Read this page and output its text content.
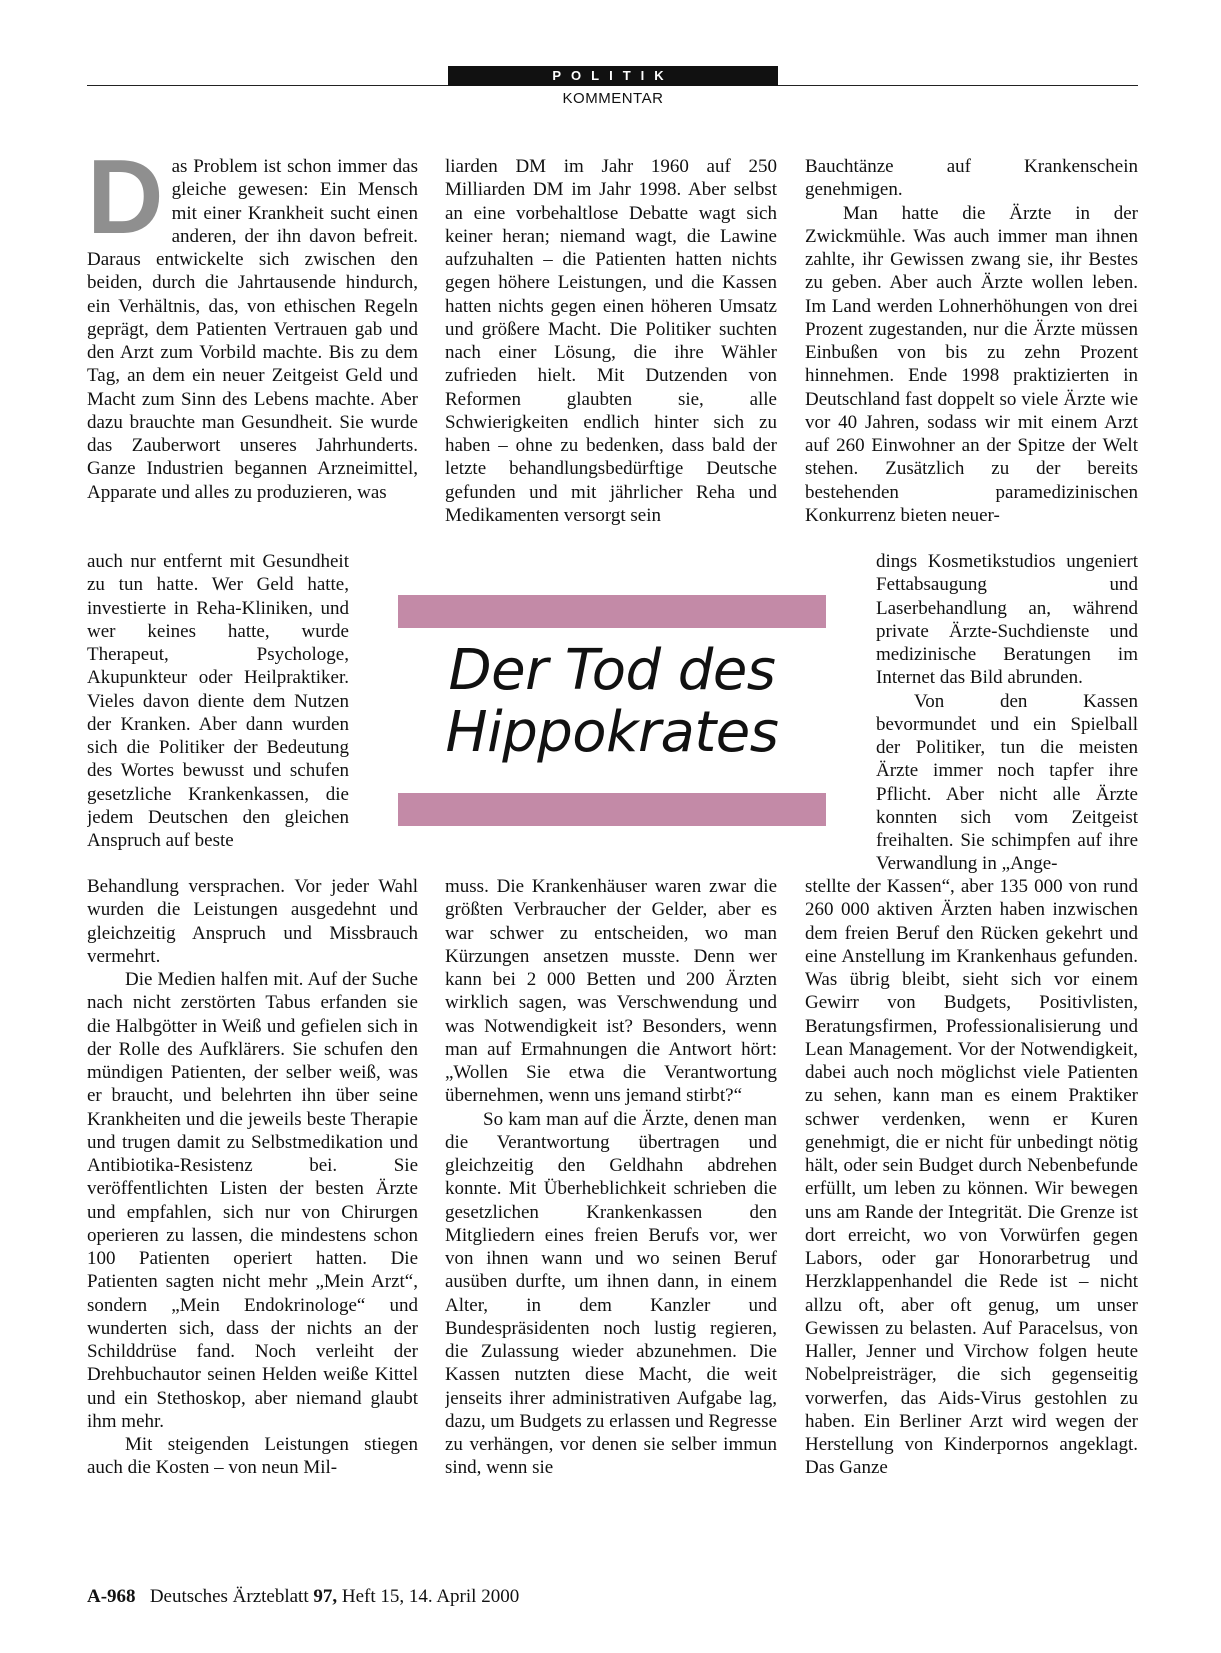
POLITIK
KOMMENTAR
D as Problem ist schon immer das gleiche gewesen: Ein Mensch mit einer Krankheit sucht einen anderen, der ihn davon befreit. Daraus entwickelte sich zwischen den beiden, durch die Jahrtausende hindurch, ein Verhältnis, das, von ethischen Regeln geprägt, dem Patienten Vertrauen gab und den Arzt zum Vorbild machte. Bis zu dem Tag, an dem ein neuer Zeitgeist Geld und Macht zum Sinn des Lebens machte. Aber dazu brauchte man Gesundheit. Sie wurde das Zauberwort unseres Jahrhunderts. Ganze Industrien begannen Arzneimittel, Apparate und alles zu produzieren, was

auch nur entfernt mit Gesundheit zu tun hatte. Wer Geld hatte, investierte in Reha-Kliniken, und wer keines hatte, wurde Therapeut, Psychologe, Akupunkteur oder Heilpraktiker. Vieles davon diente dem Nutzen der Kranken. Aber dann wurden sich die Politiker der Bedeutung des Wortes bewusst und schufen gesetzliche Krankenkassen, die jedem Deutschen den gleichen Anspruch auf beste

Behandlung versprachen. Vor jeder Wahl wurden die Leistungen ausgedehnt und gleichzeitig Anspruch und Missbrauch vermehrt.

Die Medien halfen mit. Auf der Suche nach nicht zerstörten Tabus erfanden sie die Halbgötter in Weiß und gefielen sich in der Rolle des Aufklärers. Sie schufen den mündigen Patienten, der selber weiß, was er braucht, und belehrten ihn über seine Krankheiten und die jeweils beste Therapie und trugen damit zu Selbstmedikation und Antibiotika-Resistenz bei. Sie veröffentlichten Listen der besten Ärzte und empfahlen, sich nur von Chirurgen operieren zu lassen, die mindestens schon 100 Patienten operiert hatten. Die Patienten sagten nicht mehr „Mein Arzt“, sondern „Mein Endokrinologe“ und wunderten sich, dass der nichts an der Schilddrüse fand. Noch verleiht der Drehbuchautor seinen Helden weiße Kittel und ein Stethoskop, aber niemand glaubt ihm mehr.

Mit steigenden Leistungen stiegen auch die Kosten – von neun Mil-

liarden DM im Jahr 1960 auf 250 Milliarden DM im Jahr 1998. Aber selbst an eine vorbehaltlose Debatte wagt sich keiner heran; niemand wagt, die Lawine aufzuhalten – die Patienten hatten nichts gegen höhere Leistungen, und die Kassen hatten nichts gegen einen höheren Umsatz und größere Macht. Die Politiker suchten nach einer Lösung, die ihre Wähler zufrieden hielt. Mit Dutzenden von Reformen glaubten sie, alle Schwierigkeiten endlich hinter sich zu haben – ohne zu bedenken, dass bald der letzte behandlungsbedürftige Deutsche gefunden und mit jährlicher Reha und Medikamenten versorgt sein

Der Tod des
Hippokrates

muss. Die Krankenhäuser waren zwar die größten Verbraucher der Gelder, aber es war schwer zu entscheiden, wo man Kürzungen ansetzen musste. Denn wer kann bei 2 000 Betten und 200 Ärzten wirklich sagen, was Verschwendung und was Notwendigkeit ist? Besonders, wenn man auf Ermahnungen die Antwort hört: „Wollen Sie etwa die Verantwortung übernehmen, wenn uns jemand stirbt?“

So kam man auf die Ärzte, denen man die Verantwortung übertragen und gleichzeitig den Geldhahn abdrehen konnte. Mit Überheblichkeit schrieben die gesetzlichen Krankenkassen den Mitgliedern eines freien Berufs vor, wer von ihnen wann und wo seinen Beruf ausüben durfte, um ihnen dann, in einem Alter, in dem Kanzler und Bundespräsidenten noch lustig regieren, die Zulassung wieder abzunehmen. Die Kassen nutzten diese Macht, die weit jenseits ihrer administrativen Aufgabe lag, dazu, um Budgets zu erlassen und Regresse zu verhängen, vor denen sie selber immun sind, wenn sie

Bauchtänze auf Krankenschein genehmigen.

Man hatte die Ärzte in der Zwickmühle. Was auch immer man ihnen zahlte, ihr Gewissen zwang sie, ihr Bestes zu geben. Aber auch Ärzte wollen leben. Im Land werden Lohnerhöhungen von drei Prozent zugestanden, nur die Ärzte müssen Einbußen von bis zu zehn Prozent hinnehmen. Ende 1998 praktizierten in Deutschland fast doppelt so viele Ärzte wie vor 40 Jahren, sodass wir mit einem Arzt auf 260 Einwohner an der Spitze der Welt stehen. Zusätzlich zu der bereits bestehenden paramedizinischen Konkurrenz bieten neuer-

dings Kosmetikstudios ungeniert Fettabsaugung und Laserbehandlung an, während private Ärzte-Suchdienste und medizinische Beratungen im Internet das Bild abrunden.

Von den Kassen bevormundet und ein Spielball der Politiker, tun die meisten Ärzte immer noch tapfer ihre Pflicht. Aber nicht alle Ärzte konnten sich vom Zeitgeist freihalten. Sie schimpfen auf ihre Verwandlung in „Ange-

stellte der Kassen“, aber 135 000 von rund 260 000 aktiven Ärzten haben inzwischen dem freien Beruf den Rücken gekehrt und eine Anstellung im Krankenhaus gefunden. Was übrig bleibt, sieht sich vor einem Gewirr von Budgets, Positivlisten, Beratungsfirmen, Professionalisierung und Lean Management. Vor der Notwendigkeit, dabei auch noch möglichst viele Patienten zu sehen, kann man es einem Praktiker schwer verdenken, wenn er Kuren genehmigt, die er nicht für unbedingt nötig hält, oder sein Budget durch Nebenbefunde erfüllt, um leben zu können. Wir bewegen uns am Rande der Integrität. Die Grenze ist dort erreicht, wo von Vorwürfen gegen Labors, oder gar Honorarbetrug und Herzklappenhandel die Rede ist – nicht allzu oft, aber oft genug, um unser Gewissen zu belasten. Auf Paracelsus, von Haller, Jenner und Virchow folgen heute Nobelpreisträger, die sich gegenseitig vorwerfen, das Aids-Virus gestohlen zu haben. Ein Berliner Arzt wird wegen der Herstellung von Kinderpornos angeklagt. Das Ganze

A-968 Deutsches Ärzteblatt 97, Heft 15, 14. April 2000
